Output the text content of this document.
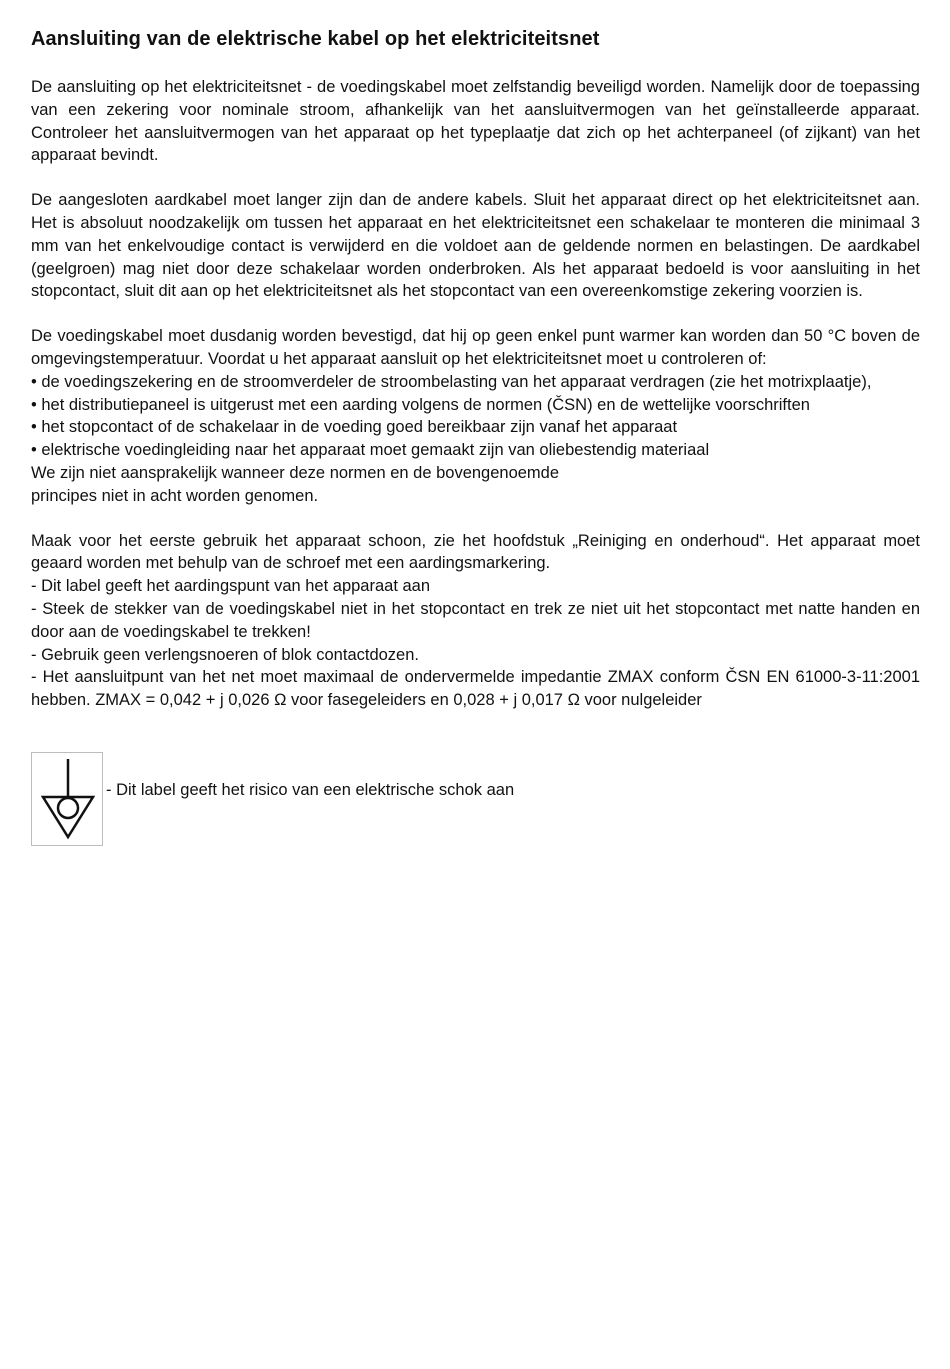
Aansluiting van de elektrische kabel op het elektriciteitsnet

De aansluiting op het elektriciteitsnet - de voedingskabel moet zelfstandig beveiligd worden. Namelijk door de toepassing van een zekering voor nominale stroom, afhankelijk van het aansluitvermogen van het geïnstalleerde apparaat. Controleer het aansluitvermogen van het apparaat op het typeplaatje dat zich op het achterpaneel (of zijkant) van het apparaat bevindt.

De aangesloten aardkabel moet langer zijn dan de andere kabels. Sluit het apparaat direct op het elektriciteitsnet aan. Het is absoluut noodzakelijk om tussen het apparaat en het elektriciteitsnet een schakelaar te monteren die minimaal 3 mm van het enkelvoudige contact is verwijderd en die voldoet aan de geldende normen en belastingen. De aardkabel (geelgroen) mag niet door deze schakelaar worden onderbroken. Als het apparaat bedoeld is voor aansluiting in het stopcontact, sluit dit aan op het elektriciteitsnet als het stopcontact van een overeenkomstige zekering voorzien is.

De voedingskabel moet dusdanig worden bevestigd, dat hij op geen enkel punt warmer kan worden dan 50 °C boven de omgevingstemperatuur. Voordat u het apparaat aansluit op het elektriciteitsnet moet u controleren of:

• de voedingszekering en de stroomverdeler de stroombelasting van het apparaat verdragen (zie het motrixplaatje),

• het distributiepaneel is uitgerust met een aarding volgens de normen (ČSN) en de wettelijke voorschriften

• het stopcontact of de schakelaar in de voeding goed bereikbaar zijn vanaf het apparaat

• elektrische voedingleiding naar het apparaat moet gemaakt zijn van oliebestendig materiaal

We zijn niet aansprakelijk wanneer deze normen en de bovengenoemde

principes niet in acht worden genomen.

Maak voor het eerste gebruik het apparaat schoon, zie het hoofdstuk „Reiniging en onderhoud“. Het apparaat moet geaard worden met behulp van de schroef met een aardingsmarkering.

- Dit label geeft het aardingspunt van het apparaat aan

- Steek de stekker van de voedingskabel niet in het stopcontact en trek ze niet uit het stopcontact met natte handen en door aan de voedingskabel te trekken!

- Gebruik geen verlengsnoeren of blok contactdozen.

- Het aansluitpunt van het net moet maximaal de ondervermelde impedantie ZMAX conform ČSN EN 61000-3-11:2001 hebben. ZMAX = 0,042 + j 0,026 Ω voor fasegeleiders en 0,028 + j 0,017 Ω voor nulgeleider

- Dit label geeft het risico van een elektrische schok aan
